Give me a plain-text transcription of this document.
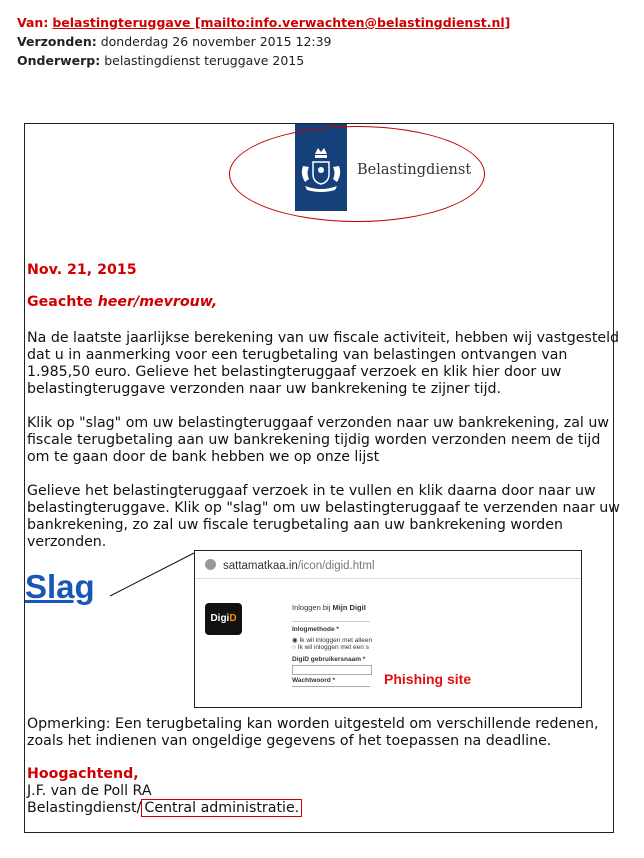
Van: belastingteruggave [mailto:info.verwachten@belastingdienst.nl]
Verzonden: donderdag 26 november 2015 12:39
Onderwerp: belastingdienst teruggave 2015
Belastingdienst
Nov. 21, 2015
Geachte heer/mevrouw,
Na de laatste jaarlijkse berekening van uw fiscale activiteit, hebben wij vastgesteld
dat u in aanmerking voor een terugbetaling van belastingen ontvangen van
1.985,50 euro. Gelieve het belastingteruggaaf verzoek en klik hier door uw
belastingteruggave verzonden naar uw bankrekening te zijner tijd.
Klik op "slag" om uw belastingteruggaaf verzonden naar uw bankrekening, zal uw
fiscale terugbetaling aan uw bankrekening tijdig worden verzonden neem de tijd
om te gaan door de bank hebben we op onze lijst
Gelieve het belastingteruggaaf verzoek in te vullen en klik daarna door naar uw
belastingteruggave. Klik op "slag" om uw belastingteruggaaf te verzenden naar uw
bankrekening, zo zal uw fiscale terugbetaling aan uw bankrekening worden
verzonden.
Slag
sattamatkaa.in/icon/digid.html
DigiD
Inloggen bij Mijn DigiI
Inlogmethode *
◉ Ik wil inloggen met alleen
○ Ik wil inloggen met een s
DigiD gebruikersnaam *
Wachtwoord *	Phishing site
Opmerking: Een terugbetaling kan worden uitgesteld om verschillende redenen,
zoals het indienen van ongeldige gegevens of het toepassen na deadline.
Hoogachtend,
J.F. van de Poll RA
Belastingdienst/ Central administratie.
